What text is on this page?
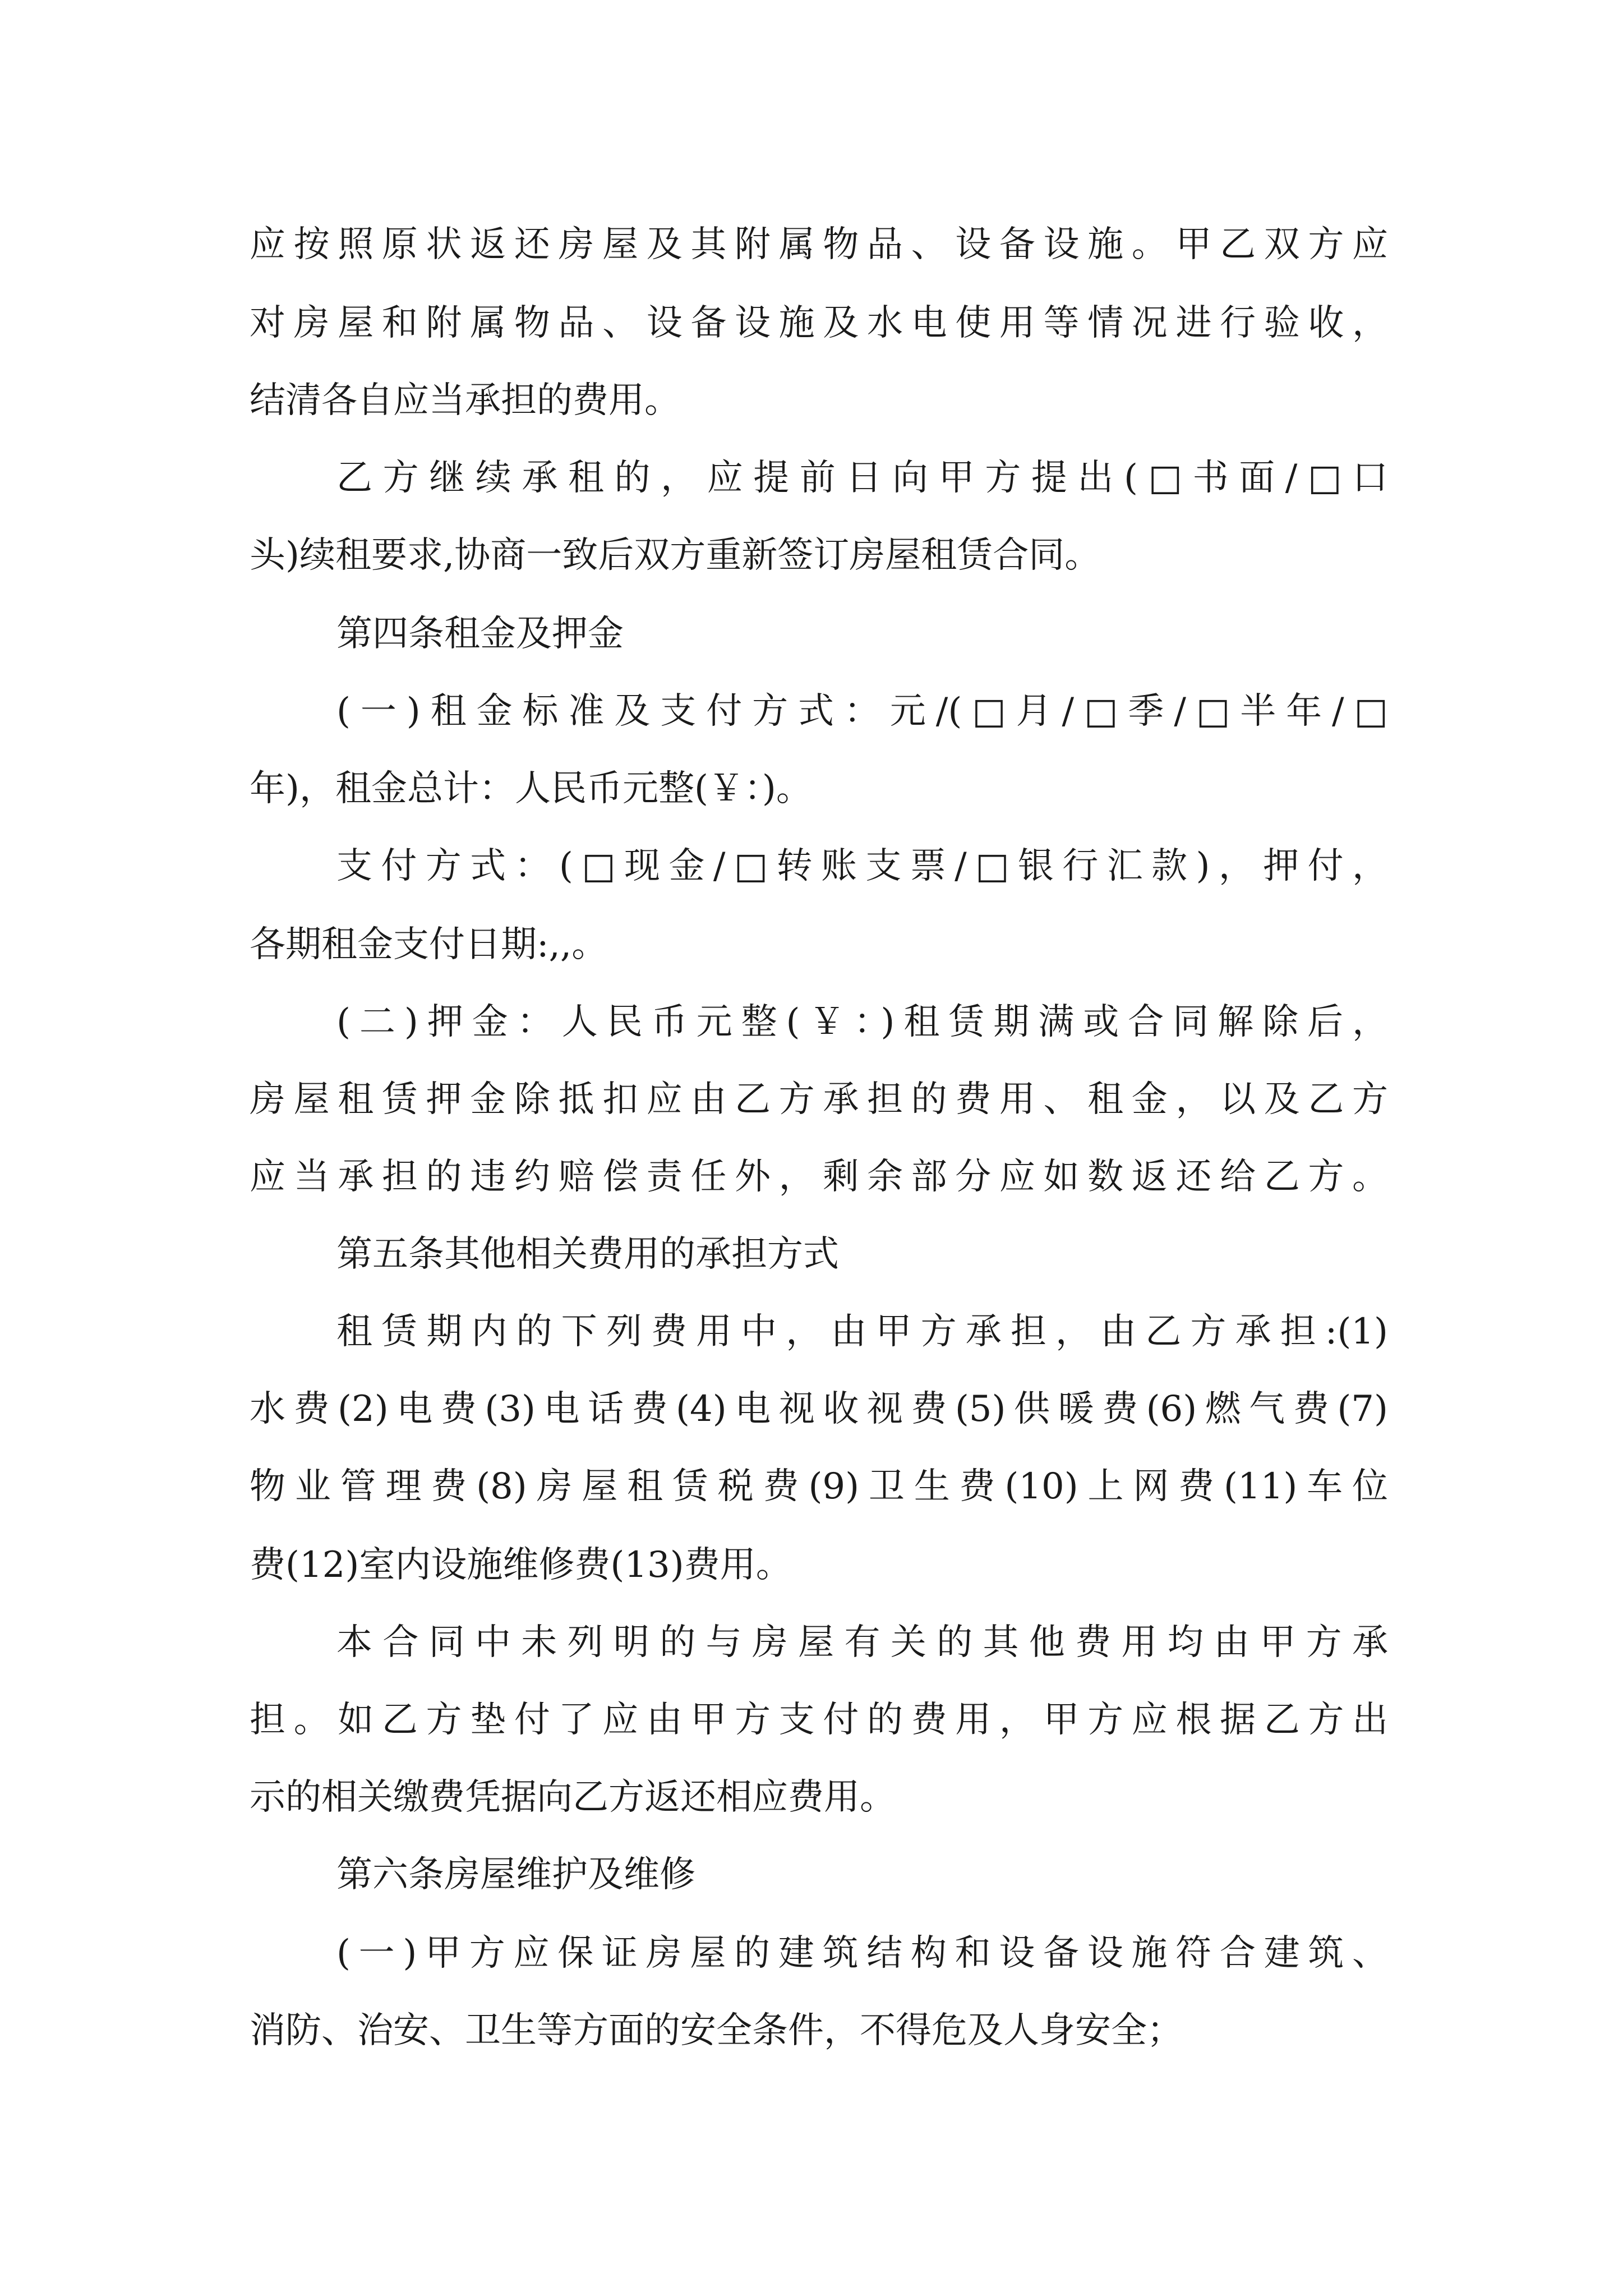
应按照原状返还房屋及其附属物品、设备设施。甲乙双方应

对房屋和附属物品、设备设施及水电使用等情况进行验收，

结清各自应当承担的费用。

乙方继续承租的，应提前日向甲方提出(□书面/□口

头)续租要求,协商一致后双方重新签订房屋租赁合同。

第四条租金及押金

(一)租金标准及支付方式：元/(□月/□季/□半年/□

年)，租金总计：人民币元整(￥：)。

支付方式：(□现金/□转账支票/□银行汇款)，押付，

各期租金支付日期:,,。

(二)押金：人民币元整(￥：)租赁期满或合同解除后，

房屋租赁押金除抵扣应由乙方承担的费用、租金，以及乙方

应当承担的违约赔偿责任外，剩余部分应如数返还给乙方。

第五条其他相关费用的承担方式

租赁期内的下列费用中，由甲方承担，由乙方承担:(1)

水费(2)电费(3)电话费(4)电视收视费(5)供暖费(6)燃气费(7)

物业管理费(8)房屋租赁税费(9)卫生费(10)上网费(11)车位

费(12)室内设施维修费(13)费用。

本合同中未列明的与房屋有关的其他费用均由甲方承

担。如乙方垫付了应由甲方支付的费用，甲方应根据乙方出

示的相关缴费凭据向乙方返还相应费用。

第六条房屋维护及维修

(一)甲方应保证房屋的建筑结构和设备设施符合建筑、

消防、治安、卫生等方面的安全条件，不得危及人身安全；
